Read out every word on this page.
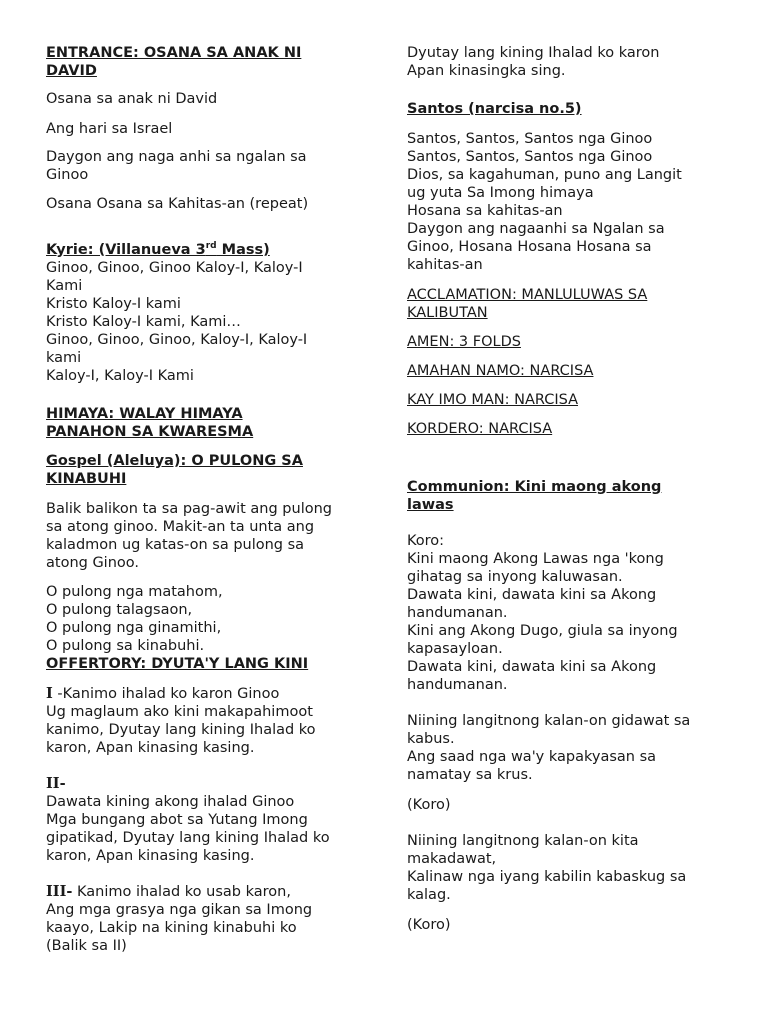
ENTRANCE: OSANA SA ANAK NI
DAVID
Osana sa anak ni David
Ang hari sa Israel
Daygon ang naga anhi sa ngalan sa
Ginoo
Osana Osana sa Kahitas-an (repeat)
Kyrie: (Villanueva 3rd Mass)
Ginoo, Ginoo, Ginoo Kaloy-I, Kaloy-I
Kami
Kristo Kaloy-I kami
Kristo Kaloy-I kami, Kami…
Ginoo, Ginoo, Ginoo, Kaloy-I, Kaloy-I
kami
Kaloy-I, Kaloy-I Kami
HIMAYA: WALAY HIMAYA
PANAHON SA KWARESMA
Gospel (Aleluya): O PULONG SA
KINABUHI
Balik balikon ta sa pag-awit ang pulong
sa atong ginoo. Makit-an ta unta ang
kaladmon ug katas-on sa pulong sa
atong Ginoo.
O pulong nga matahom,
O pulong talagsaon,
O pulong nga ginamithi,
O pulong sa kinabuhi.
OFFERTORY: DYUTA'Y LANG KINI
I -Kanimo ihalad ko karon Ginoo
Ug maglaum ako kini makapahimoot
kanimo, Dyutay lang kining Ihalad ko
karon, Apan kinasing kasing.
II-
Dawata kining akong ihalad Ginoo
Mga bungang abot sa Yutang Imong
gipatikad, Dyutay lang kining Ihalad ko
karon, Apan kinasing kasing.
III- Kanimo ihalad ko usab karon,
Ang mga grasya nga gikan sa Imong
kaayo, Lakip na kining kinabuhi ko
(Balik sa II)
Dyutay lang kining Ihalad ko karon
Apan kinasingka sing.
Santos (narcisa no.5)
Santos, Santos, Santos nga Ginoo
Santos, Santos, Santos nga Ginoo
Dios, sa kagahuman, puno ang Langit
ug yuta Sa Imong himaya
Hosana sa kahitas-an
Daygon ang nagaanhi sa Ngalan sa
Ginoo, Hosana Hosana Hosana sa
kahitas-an
ACCLAMATION: MANLULUWAS SA
KALIBUTAN
AMEN: 3 FOLDS
AMAHAN NAMO: NARCISA
KAY IMO MAN: NARCISA
KORDERO: NARCISA
Communion: Kini maong akong
lawas
Koro:
Kini maong Akong Lawas nga 'kong
gihatag sa inyong kaluwasan.
Dawata kini, dawata kini sa Akong
handumanan.
Kini ang Akong Dugo, giula sa inyong
kapasayloan.
Dawata kini, dawata kini sa Akong
handumanan.
Niining langitnong kalan-on gidawat sa
kabus.
Ang saad nga wa'y kapakyasan sa
namatay sa krus.
(Koro)
Niining langitnong kalan-on kita
makadawat,
Kalinaw nga iyang kabilin kabaskug sa
kalag.
(Koro)
